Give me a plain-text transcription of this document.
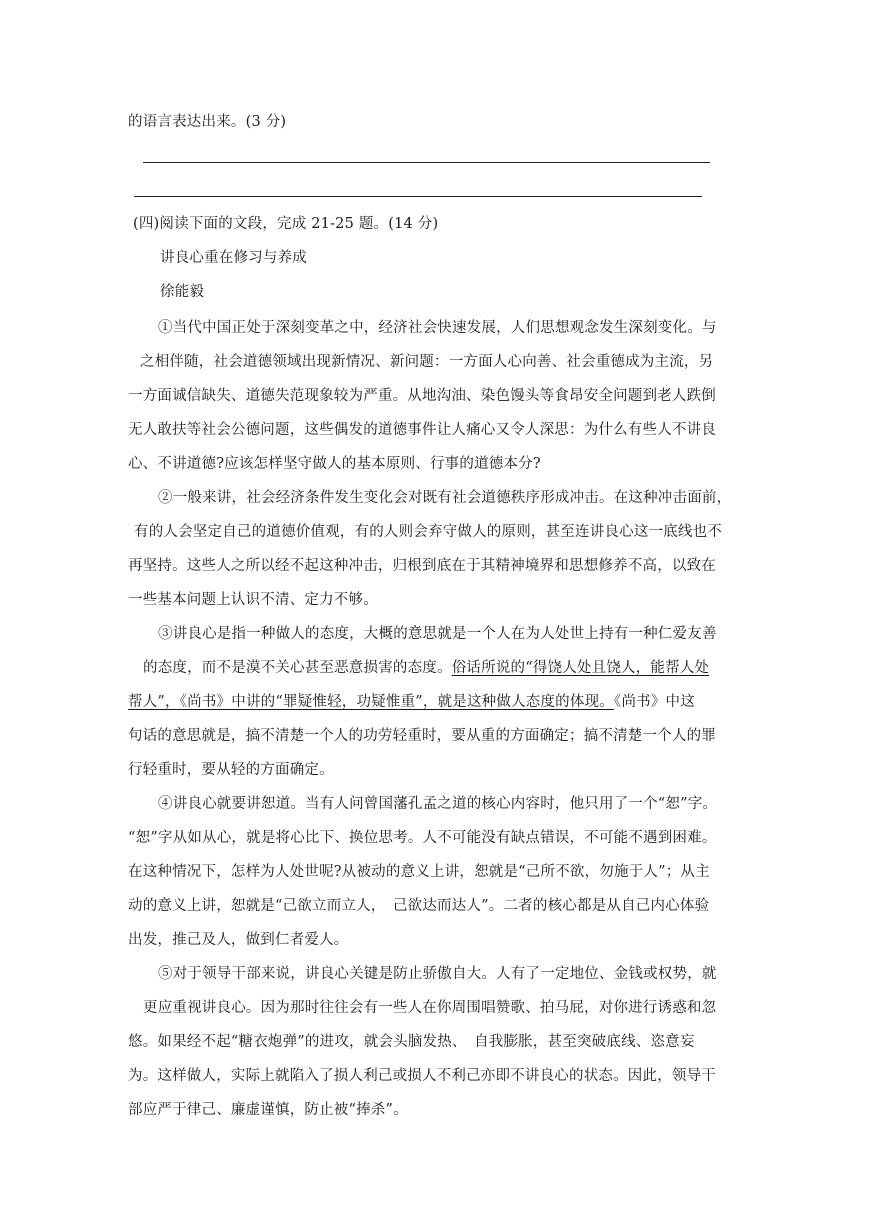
的语言表达出来。(3 分)
(四)阅读下面的文段，完成 21-25 题。(14 分)
讲良心重在修习与养成
徐能毅
①当代中国正处于深刻变革之中，经济社会快速发展，人们思想观念发生深刻变化。与
之相伴随，社会道德领域出现新情况、新问题：一方面人心向善、社会重德成为主流，另
一方面诚信缺失、道德失范现象较为严重。从地沟油、染色馒头等食昂安全问题到老人跌倒
无人敢扶等社会公德问题，这些偶发的道德事件让人痛心又令人深思：为什么有些人不讲良
心、不讲道德?应该怎样坚守做人的基本原则、行事的道德本分?
②一般来讲，社会经济条件发生变化会对既有社会道德秩序形成冲击。在这种冲击面前，
有的人会坚定自己的道德价值观，有的人则会弃守做人的原则，甚至连讲良心这一底线也不
再坚持。这些人之所以经不起这种冲击，归根到底在于其精神境界和思想修养不高，以致在
一些基本问题上认识不清、定力不够。
③讲良心是指一种做人的态度，大概的意思就是一个人在为人处世上持有一种仁爱友善
的态度，而不是漠不关心甚至恶意损害的态度。俗话所说的“得饶人处且饶人，能帮人处
帮人”，《尚书》中讲的“罪疑惟轻，功疑惟重”，就是这种做人态度的体现。《尚书》中这
句话的意思就是，搞不清楚一个人的功劳轻重时，要从重的方面确定；搞不清楚一个人的罪
行轻重时，要从轻的方面确定。
④讲良心就要讲恕道。当有人问曾国藩孔孟之道的核心内容时，他只用了一个“恕”字。
“恕”字从如从心，就是将心比下、换位思考。人不可能没有缺点错误，不可能不遇到困难。
在这种情况下，怎样为人处世呢?从被动的意义上讲，恕就是“己所不欲，勿施于人”；从主
动的意义上讲，恕就是“己欲立而立人，　己欲达而达人”。二者的核心都是从自己内心体验
出发，推己及人，做到仁者爱人。
⑤对于领导干部来说，讲良心关键是防止骄傲自大。人有了一定地位、金钱或权势，就
更应重视讲良心。因为那时往往会有一些人在你周围唱赞歌、拍马屁，对你进行诱惑和忽
悠。如果经不起“糖衣炮弹”的进攻，就会头脑发热、　自我膨胀，甚至突破底线、恣意妄
为。这样做人，实际上就陷入了损人利己或损人不利己亦即不讲良心的状态。因此，领导干
部应严于律己、廉虚谨慎，防止被“捧杀”。
